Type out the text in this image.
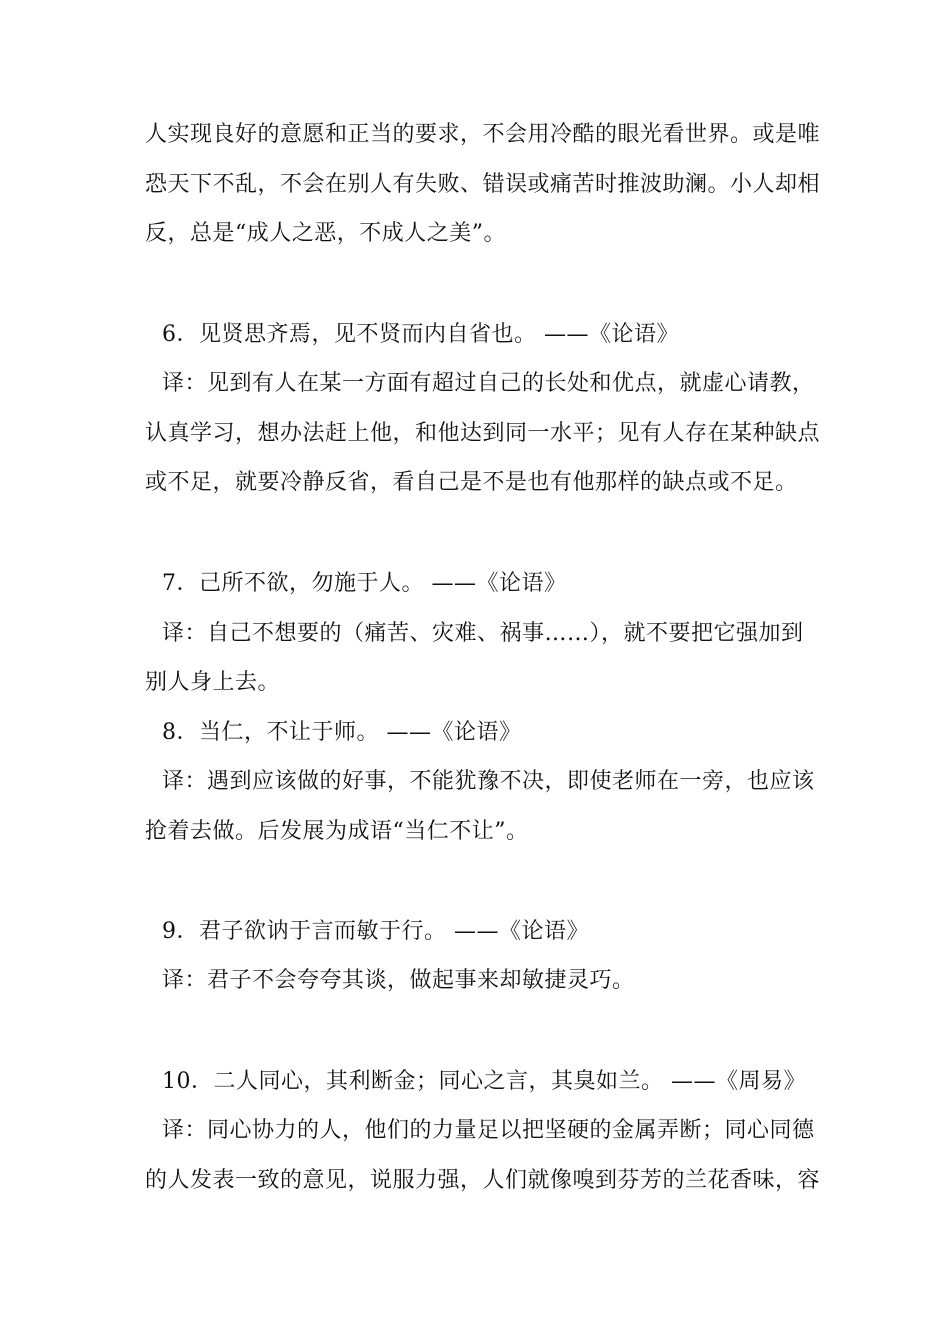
人实现良好的意愿和正当的要求，不会用冷酷的眼光看世界。或是唯
恐天下不乱，不会在别人有失败、错误或痛苦时推波助澜。小人却相
反，总是“成人之恶，不成人之美”。
6．见贤思齐焉，见不贤而内自省也。 ——《论语》
译：见到有人在某一方面有超过自己的长处和优点，就虚心请教，
认真学习，想办法赶上他，和他达到同一水平；见有人存在某种缺点
或不足，就要冷静反省，看自己是不是也有他那样的缺点或不足。
7．己所不欲，勿施于人。 ——《论语》
译：自己不想要的（痛苦、灾难、祸事……），就不要把它强加到
别人身上去。
8．当仁，不让于师。 ——《论语》
译：遇到应该做的好事，不能犹豫不决，即使老师在一旁，也应该
抢着去做。后发展为成语“当仁不让”。
9．君子欲讷于言而敏于行。 ——《论语》
译：君子不会夸夸其谈，做起事来却敏捷灵巧。
10．二人同心，其利断金；同心之言，其臭如兰。 ——《周易》
译：同心协力的人，他们的力量足以把坚硬的金属弄断；同心同德
的人发表一致的意见，说服力强，人们就像嗅到芬芳的兰花香味，容
